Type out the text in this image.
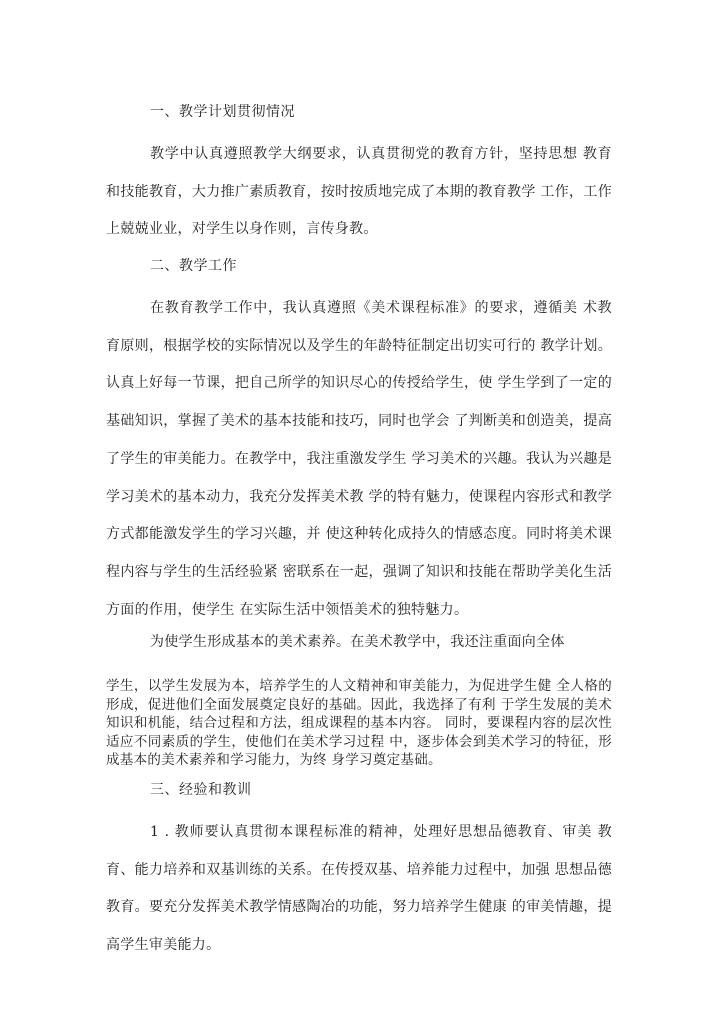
一、教学计划贯彻情况
教学中认真遵照教学大纲要求，认真贯彻党的教育方针，坚持思想 教育和技能教育，大力推广素质教育，按时按质地完成了本期的教育教学 工作，工作上兢兢业业，对学生以身作则，言传身教。
二、教学工作
在教育教学工作中，我认真遵照《美术课程标准》的要求，遵循美 术教育原则，根据学校的实际情况以及学生的年龄特征制定出切实可行的 教学计划。认真上好每一节课，把自己所学的知识尽心的传授给学生，使 学生学到了一定的基础知识，掌握了美术的基本技能和技巧，同时也学会 了判断美和创造美，提高了学生的审美能力。在教学中，我注重激发学生 学习美术的兴趣。我认为兴趣是学习美术的基本动力，我充分发挥美术教 学的特有魅力，使课程内容形式和教学方式都能激发学生的学习兴趣，并 使这种转化成持久的情感态度。同时将美术课程内容与学生的生活经验紧 密联系在一起，强调了知识和技能在帮助学美化生活方面的作用，使学生 在实际生活中领悟美术的独特魅力。
为使学生形成基本的美术素养。在美术教学中，我还注重面向全体
学生，以学生发展为本，培养学生的人文精神和审美能力，为促进学生健 全人格的形成，促进他们全面发展奠定良好的基础。因此，我选择了有利 于学生发展的美术知识和机能，结合过程和方法，组成课程的基本内容。 同时，要课程内容的层次性适应不同素质的学生，使他们在美术学习过程 中，逐步体会到美术学习的特征，形成基本的美术素养和学习能力，为终 身学习奠定基础。
三、经验和教训
1 . 教师要认真贯彻本课程标准的精神，处理好思想品德教育、审美 教育、能力培养和双基训练的关系。在传授双基、培养能力过程中，加强 思想品德教育。要充分发挥美术教学情感陶冶的功能，努力培养学生健康 的审美情趣，提高学生审美能力。
